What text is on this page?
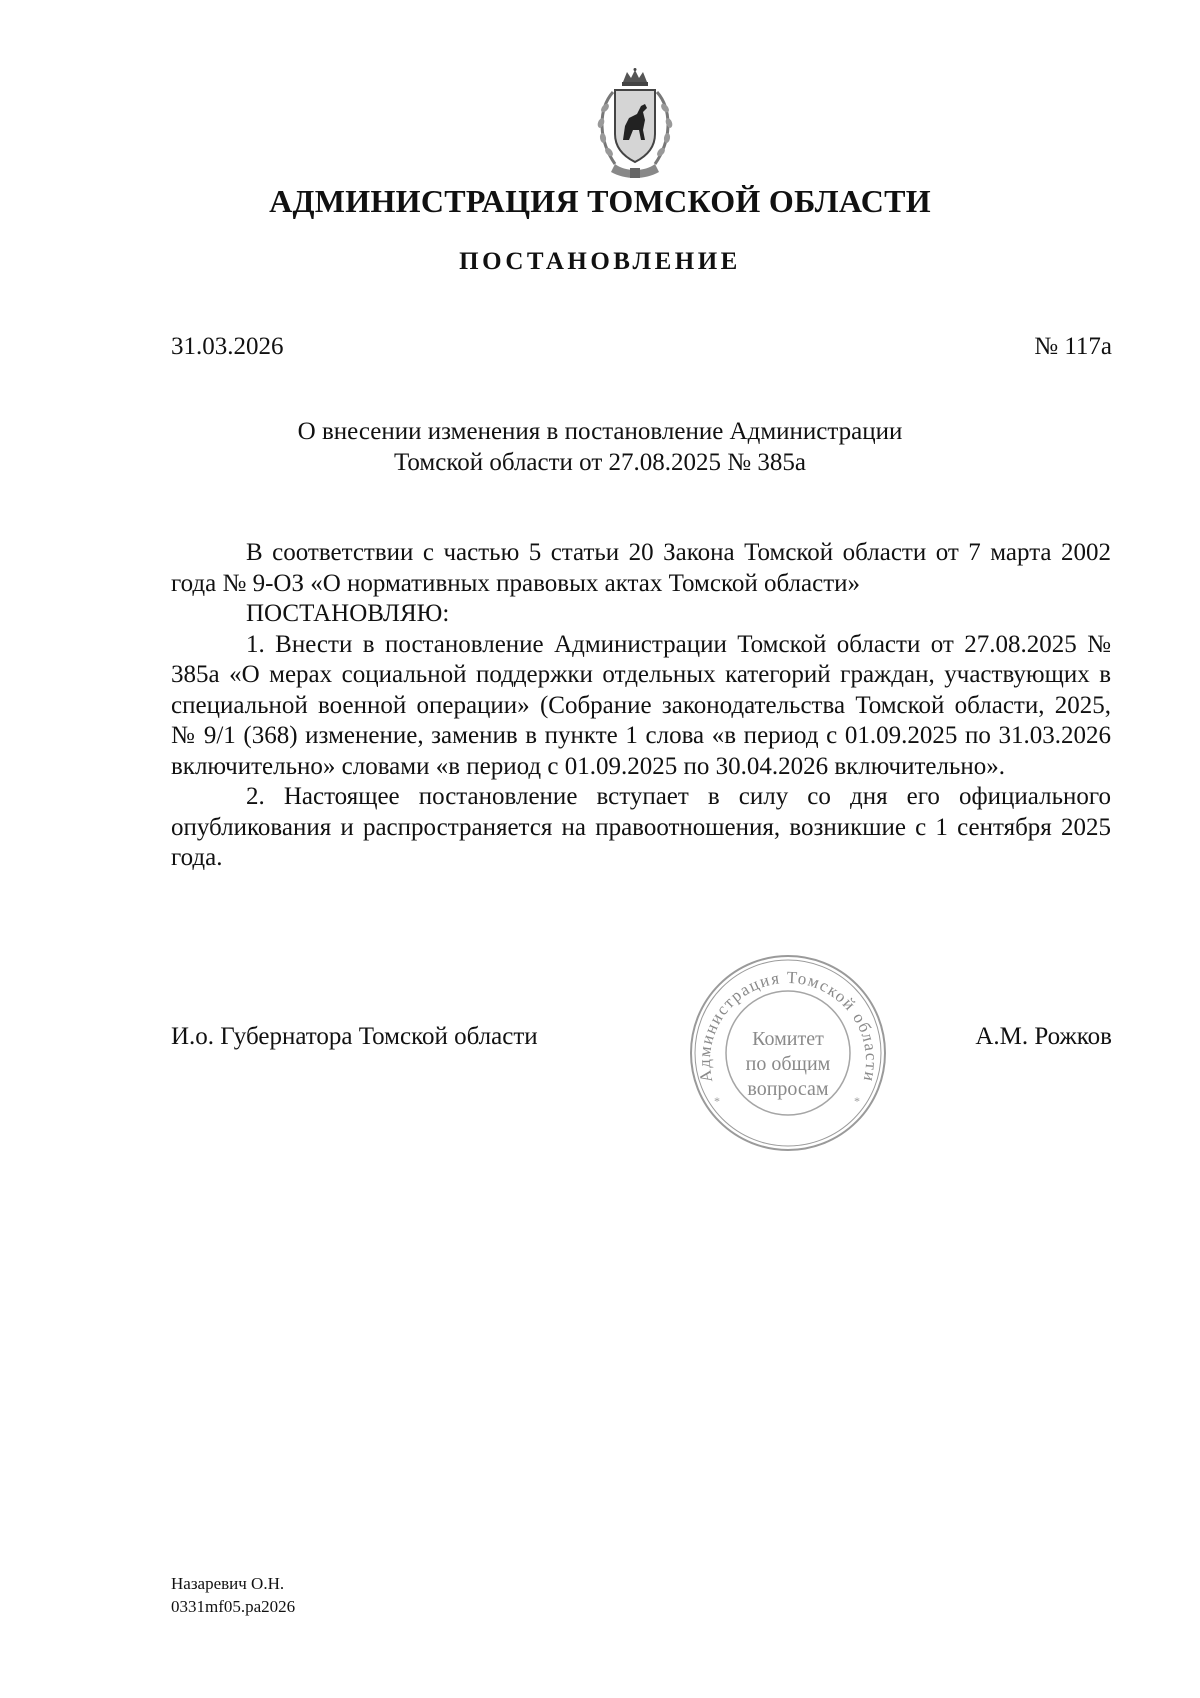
АДМИНИСТРАЦИЯ ТОМСКОЙ ОБЛАСТИ
ПОСТАНОВЛЕНИЕ
31.03.2026	№ 117а
О внесении изменения в постановление Администрации
Томской области от 27.08.2025 № 385а

В соответствии с частью 5 статьи 20 Закона Томской области от 7 марта 2002 года № 9-ОЗ «О нормативных правовых актах Томской области»

ПОСТАНОВЛЯЮ:

1. Внести в постановление Администрации Томской области от 27.08.2025 № 385а «О мерах социальной поддержки отдельных категорий граждан, участвующих в специальной военной операции» (Собрание законодательства Томской области, 2025, № 9/1 (368) изменение, заменив в пункте 1 слова «в период с 01.09.2025 по 31.03.2026 включительно» словами «в период с 01.09.2025 по 30.04.2026 включительно».

2. Настоящее постановление вступает в силу со дня его официального опубликования и распространяется на правоотношения, возникшие с 1 сентября 2025 года.

И.о. Губернатора Томской области	А.М. Рожков
Администрация Томской области
*	*
Комитет
по общим
вопросам
Назаревич О.Н.
0331mf05.pa2026
